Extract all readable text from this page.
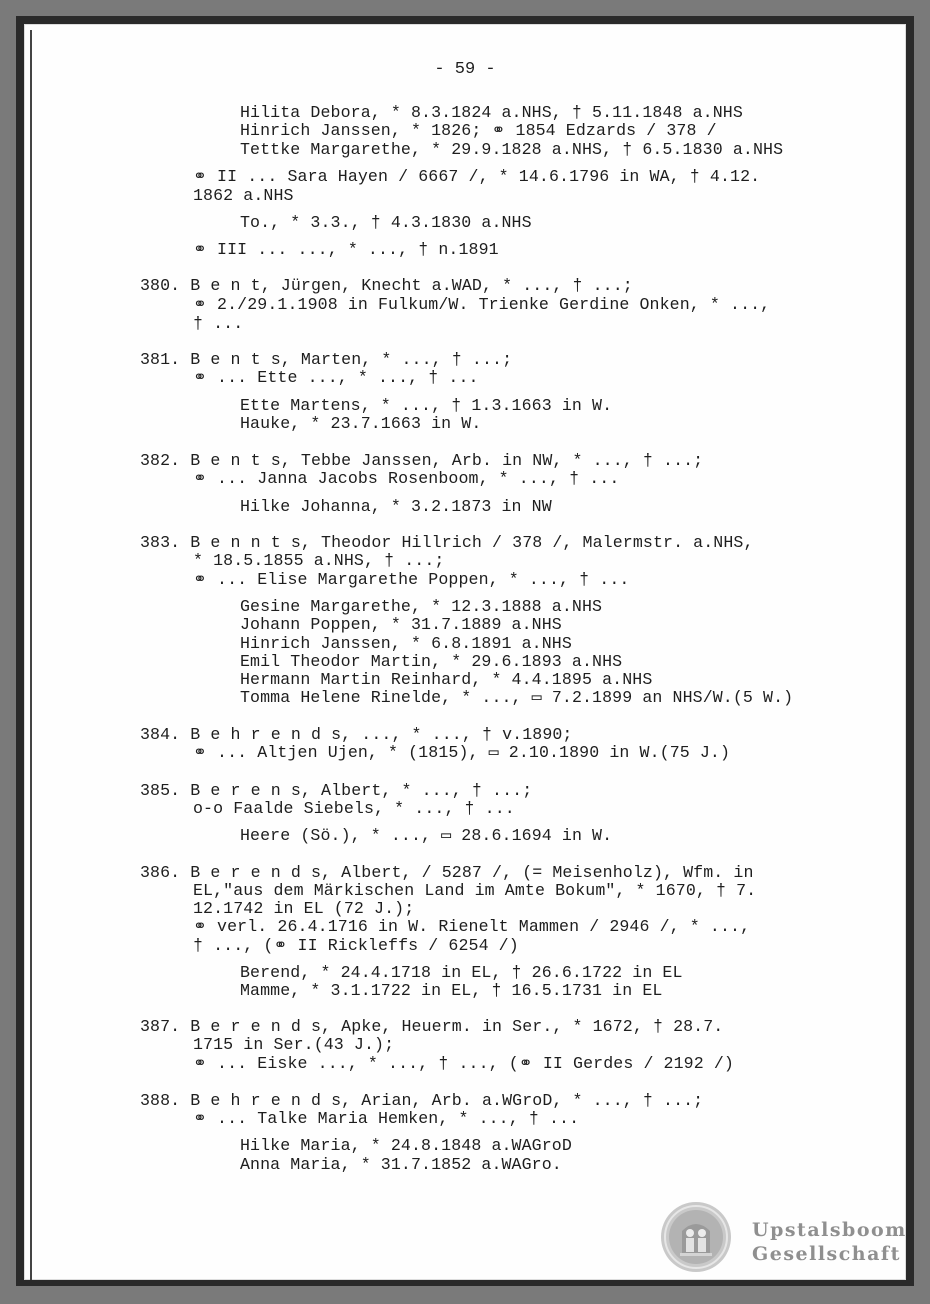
- 59 -
Hilita Debora, * 8.3.1824 a.NHS, † 5.11.1848 a.NHS
Hinrich Janssen, * 1826; ⚭ 1854 Edzards / 378 /
Tettke Margarethe, * 29.9.1828 a.NHS, † 6.5.1830 a.NHS
⚭ II ... Sara Hayen / 6667 /, * 14.6.1796 in WA, † 4.12.
1862 a.NHS
To., * 3.3., † 4.3.1830 a.NHS
⚭ III ... ..., * ..., † n.1891
380. B e n t, Jürgen, Knecht a.WAD, * ..., † ...;
⚭ 2./29.1.1908 in Fulkum/W. Trienke Gerdine Onken, * ...,
† ...
381. B e n t s, Marten, * ..., † ...;
⚭ ... Ette ..., * ..., † ...
Ette Martens, * ..., † 1.3.1663 in W.
Hauke, * 23.7.1663 in W.
382. B e n t s, Tebbe Janssen, Arb. in NW, * ..., † ...;
⚭ ... Janna Jacobs Rosenboom, * ..., † ...
Hilke Johanna, * 3.2.1873 in NW
383. B e n n t s, Theodor Hillrich / 378 /, Malermstr. a.NHS,
* 18.5.1855 a.NHS, † ...;
⚭ ... Elise Margarethe Poppen, * ..., † ...
Gesine Margarethe, * 12.3.1888 a.NHS
Johann Poppen, * 31.7.1889 a.NHS
Hinrich Janssen, * 6.8.1891 a.NHS
Emil Theodor Martin, * 29.6.1893 a.NHS
Hermann Martin Reinhard, * 4.4.1895 a.NHS
Tomma Helene Rinelde, * ..., ▭ 7.2.1899 an NHS/W.(5 W.)
384. B e h r e n d s, ..., * ..., † v.1890;
⚭ ... Altjen Ujen, * (1815), ▭ 2.10.1890 in W.(75 J.)
385. B e r e n s, Albert, * ..., † ...;
o-o Faalde Siebels, * ..., † ...
Heere (Sö.), * ..., ▭ 28.6.1694 in W.
386. B e r e n d s, Albert, / 5287 /, (= Meisenholz), Wfm. in
EL,"aus dem Märkischen Land im Amte Bokum", * 1670, † 7.
12.1742 in EL (72 J.);
⚭ verl. 26.4.1716 in W. Rienelt Mammen / 2946 /, * ...,
† ..., (⚭ II Rickleffs / 6254 /)
Berend, * 24.4.1718 in EL, † 26.6.1722 in EL
Mamme, * 3.1.1722 in EL, † 16.5.1731 in EL
387. B e r e n d s, Apke, Heuerm. in Ser., * 1672, † 28.7.
1715 in Ser.(43 J.);
⚭ ... Eiske ..., * ..., † ..., (⚭ II Gerdes / 2192 /)
388. B e h r e n d s, Arian, Arb. a.WGroD, * ..., † ...;
⚭ ... Talke Maria Hemken, * ..., † ...
Hilke Maria, * 24.8.1848 a.WAGroD
Anna Maria, * 31.7.1852 a.WAGro.
Upstalsboom
Gesellschaft
